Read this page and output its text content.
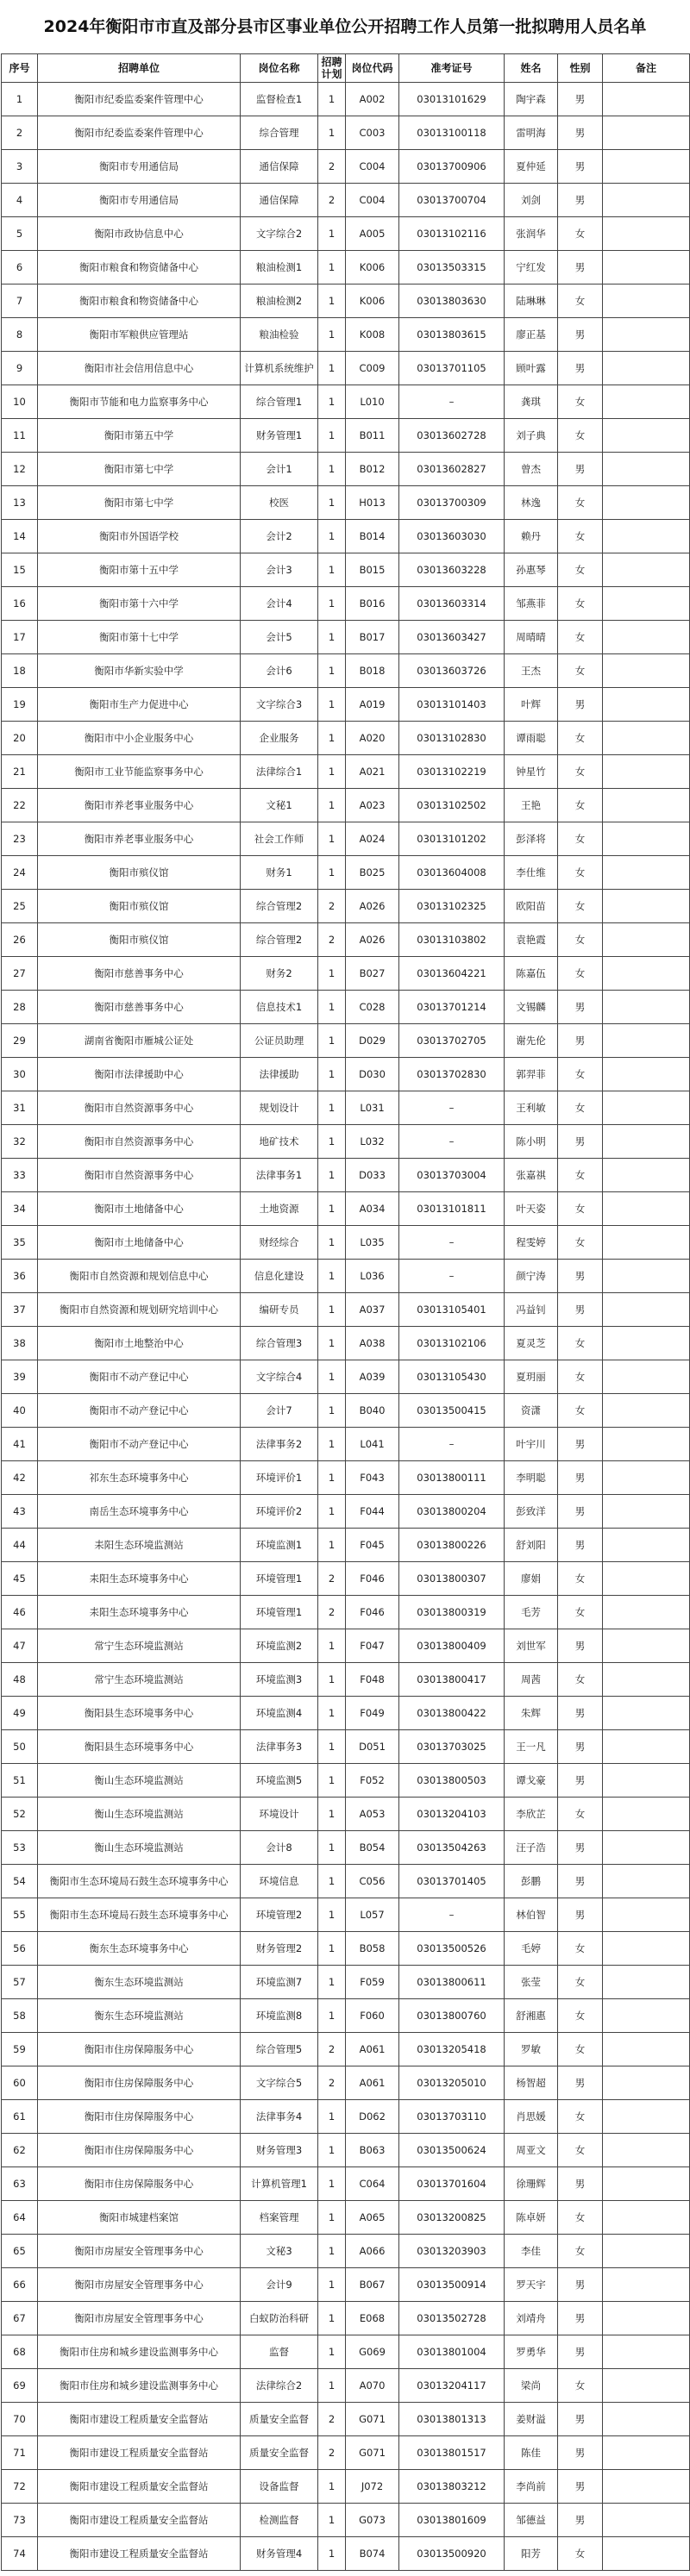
2024年衡阳市市直及部分县市区事业单位公开招聘工作人员第一批拟聘用人员名单
序号	招聘单位	岗位名称	招聘计划	岗位代码	准考证号	姓名	性别	备注
1	衡阳市纪委监委案件管理中心	监督检查1	1	A002	03013101629	陶宇森	男	
2	衡阳市纪委监委案件管理中心	综合管理	1	C003	03013100118	雷明海	男	
3	衡阳市专用通信局	通信保障	2	C004	03013700906	夏仲延	男	
4	衡阳市专用通信局	通信保障	2	C004	03013700704	刘剑	男	
5	衡阳市政协信息中心	文字综合2	1	A005	03013102116	张润华	女	
6	衡阳市粮食和物资储备中心	粮油检测1	1	K006	03013503315	宁红发	男	
7	衡阳市粮食和物资储备中心	粮油检测2	1	K006	03013803630	陆琳琳	女	
8	衡阳市军粮供应管理站	粮油检验	1	K008	03013803615	廖正基	男	
9	衡阳市社会信用信息中心	计算机系统维护	1	C009	03013701105	顾叶露	男	
10	衡阳市节能和电力监察事务中心	综合管理1	1	L010	–	龚琪	女	
11	衡阳市第五中学	财务管理1	1	B011	03013602728	刘子典	女	
12	衡阳市第七中学	会计1	1	B012	03013602827	曾杰	男	
13	衡阳市第七中学	校医	1	H013	03013700309	林逸	女	
14	衡阳市外国语学校	会计2	1	B014	03013603030	赖丹	女	
15	衡阳市第十五中学	会计3	1	B015	03013603228	孙惠琴	女	
16	衡阳市第十六中学	会计4	1	B016	03013603314	邹燕菲	女	
17	衡阳市第十七中学	会计5	1	B017	03013603427	周晴晴	女	
18	衡阳市华新实验中学	会计6	1	B018	03013603726	王杰	女	
19	衡阳市生产力促进中心	文字综合3	1	A019	03013101403	叶辉	男	
20	衡阳市中小企业服务中心	企业服务	1	A020	03013102830	谭雨聪	女	
21	衡阳市工业节能监察事务中心	法律综合1	1	A021	03013102219	钟星竹	女	
22	衡阳市养老事业服务中心	文秘1	1	A023	03013102502	王艳	女	
23	衡阳市养老事业服务中心	社会工作师	1	A024	03013101202	彭泽将	女	
24	衡阳市殡仪馆	财务1	1	B025	03013604008	李仕维	女	
25	衡阳市殡仪馆	综合管理2	2	A026	03013102325	欧阳苗	女	
26	衡阳市殡仪馆	综合管理2	2	A026	03013103802	袁艳霞	女	
27	衡阳市慈善事务中心	财务2	1	B027	03013604221	陈嘉伍	女	
28	衡阳市慈善事务中心	信息技术1	1	C028	03013701214	文锡麟	男	
29	湖南省衡阳市雁城公证处	公证员助理	1	D029	03013702705	谢先伦	男	
30	衡阳市法律援助中心	法律援助	1	D030	03013702830	郭羿菲	女	
31	衡阳市自然资源事务中心	规划设计	1	L031	–	王利敏	女	
32	衡阳市自然资源事务中心	地矿技术	1	L032	–	陈小明	男	
33	衡阳市自然资源事务中心	法律事务1	1	D033	03013703004	张嘉祺	女	
34	衡阳市土地储备中心	土地资源	1	A034	03013101811	叶天姿	女	
35	衡阳市土地储备中心	财经综合	1	L035	–	程雯婷	女	
36	衡阳市自然资源和规划信息中心	信息化建设	1	L036	–	颜宁涛	男	
37	衡阳市自然资源和规划研究培训中心	编研专员	1	A037	03013105401	冯益钊	男	
38	衡阳市土地整治中心	综合管理3	1	A038	03013102106	夏灵芝	女	
39	衡阳市不动产登记中心	文字综合4	1	A039	03013105430	夏玥丽	女	
40	衡阳市不动产登记中心	会计7	1	B040	03013500415	资潇	女	
41	衡阳市不动产登记中心	法律事务2	1	L041	–	叶宇川	男	
42	祁东生态环境事务中心	环境评价1	1	F043	03013800111	李明聪	男	
43	南岳生态环境事务中心	环境评价2	1	F044	03013800204	彭致洋	男	
44	耒阳生态环境监测站	环境监测1	1	F045	03013800226	舒刘阳	男	
45	耒阳生态环境事务中心	环境管理1	2	F046	03013800307	廖娟	女	
46	耒阳生态环境事务中心	环境管理1	2	F046	03013800319	毛芳	女	
47	常宁生态环境监测站	环境监测2	1	F047	03013800409	刘世军	男	
48	常宁生态环境监测站	环境监测3	1	F048	03013800417	周茜	女	
49	衡阳县生态环境事务中心	环境监测4	1	F049	03013800422	朱辉	男	
50	衡阳县生态环境事务中心	法律事务3	1	D051	03013703025	王一凡	男	
51	衡山生态环境监测站	环境监测5	1	F052	03013800503	谭戈豪	男	
52	衡山生态环境监测站	环境设计	1	A053	03013204103	李欣芷	女	
53	衡山生态环境监测站	会计8	1	B054	03013504263	汪子浩	男	
54	衡阳市生态环境局石鼓生态环境事务中心	环境信息	1	C056	03013701405	彭鹏	男	
55	衡阳市生态环境局石鼓生态环境事务中心	环境管理2	1	L057	–	林伯智	男	
56	衡东生态环境事务中心	财务管理2	1	B058	03013500526	毛婷	女	
57	衡东生态环境监测站	环境监测7	1	F059	03013800611	张莹	女	
58	衡东生态环境监测站	环境监测8	1	F060	03013800760	舒湘惠	女	
59	衡阳市住房保障服务中心	综合管理5	2	A061	03013205418	罗敏	女	
60	衡阳市住房保障服务中心	文字综合5	2	A061	03013205010	杨智超	男	
61	衡阳市住房保障服务中心	法律事务4	1	D062	03013703110	肖思媛	女	
62	衡阳市住房保障服务中心	财务管理3	1	B063	03013500624	周亚文	女	
63	衡阳市住房保障服务中心	计算机管理1	1	C064	03013701604	徐珊辉	男	
64	衡阳市城建档案馆	档案管理	1	A065	03013200825	陈卓妍	女	
65	衡阳市房屋安全管理事务中心	文秘3	1	A066	03013203903	李佳	女	
66	衡阳市房屋安全管理事务中心	会计9	1	B067	03013500914	罗天宇	男	
67	衡阳市房屋安全管理事务中心	白蚁防治科研	1	E068	03013502728	刘靖舟	男	
68	衡阳市住房和城乡建设监测事务中心	监督	1	G069	03013801004	罗勇华	男	
69	衡阳市住房和城乡建设监测事务中心	法律综合2	1	A070	03013204117	梁尚	女	
70	衡阳市建设工程质量安全监督站	质量安全监督	2	G071	03013801313	姜财溢	男	
71	衡阳市建设工程质量安全监督站	质量安全监督	2	G071	03013801517	陈佳	男	
72	衡阳市建设工程质量安全监督站	设备监督	1	J072	03013803212	李尚前	男	
73	衡阳市建设工程质量安全监督站	检测监督	1	G073	03013801609	邹德益	男	
74	衡阳市建设工程质量安全监督站	财务管理4	1	B074	03013500920	阳芳	女	
